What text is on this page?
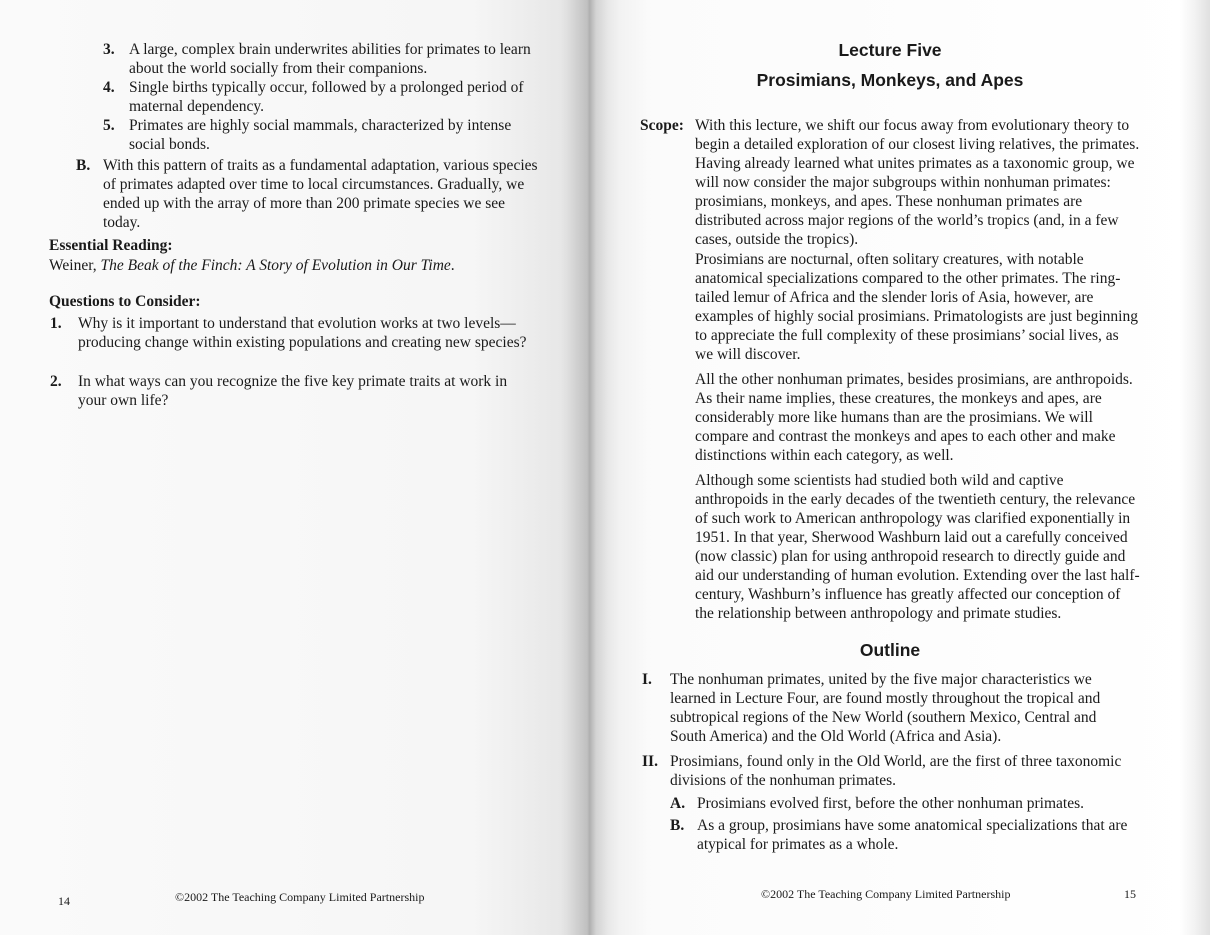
3. A large, complex brain underwrites abilities for primates to learn about the world socially from their companions.

4. Single births typically occur, followed by a prolonged period of maternal dependency.

5. Primates are highly social mammals, characterized by intense social bonds.

B. With this pattern of traits as a fundamental adaptation, various species of primates adapted over time to local circumstances. Gradually, we ended up with the array of more than 200 primate species we see today.

Essential Reading:

Weiner, The Beak of the Finch: A Story of Evolution in Our Time.

Questions to Consider:

1. Why is it important to understand that evolution works at two levels—producing change within existing populations and creating new species?

2. In what ways can you recognize the five key primate traits at work in your own life?

14	©2002 The Teaching Company Limited Partnership
Lecture Five
Prosimians, Monkeys, and Apes
Scope: With this lecture, we shift our focus away from evolutionary theory to begin a detailed exploration of our closest living relatives, the primates. Having already learned what unites primates as a taxonomic group, we will now consider the major subgroups within nonhuman primates: prosimians, monkeys, and apes. These nonhuman primates are distributed across major regions of the world’s tropics (and, in a few cases, outside the tropics).

Prosimians are nocturnal, often solitary creatures, with notable anatomical specializations compared to the other primates. The ring-tailed lemur of Africa and the slender loris of Asia, however, are examples of highly social prosimians. Primatologists are just beginning to appreciate the full complexity of these prosimians’ social lives, as we will discover.

All the other nonhuman primates, besides prosimians, are anthropoids. As their name implies, these creatures, the monkeys and apes, are considerably more like humans than are the prosimians. We will compare and contrast the monkeys and apes to each other and make distinctions within each category, as well.

Although some scientists had studied both wild and captive anthropoids in the early decades of the twentieth century, the relevance of such work to American anthropology was clarified exponentially in 1951. In that year, Sherwood Washburn laid out a carefully conceived (now classic) plan for using anthropoid research to directly guide and aid our understanding of human evolution. Extending over the last half-century, Washburn’s influence has greatly affected our conception of the relationship between anthropology and primate studies.

Outline
I. The nonhuman primates, united by the five major characteristics we learned in Lecture Four, are found mostly throughout the tropical and subtropical regions of the New World (southern Mexico, Central and South America) and the Old World (Africa and Asia).

II. Prosimians, found only in the Old World, are the first of three taxonomic divisions of the nonhuman primates.

A. Prosimians evolved first, before the other nonhuman primates.

B. As a group, prosimians have some anatomical specializations that are atypical for primates as a whole.

©2002 The Teaching Company Limited Partnership	15
